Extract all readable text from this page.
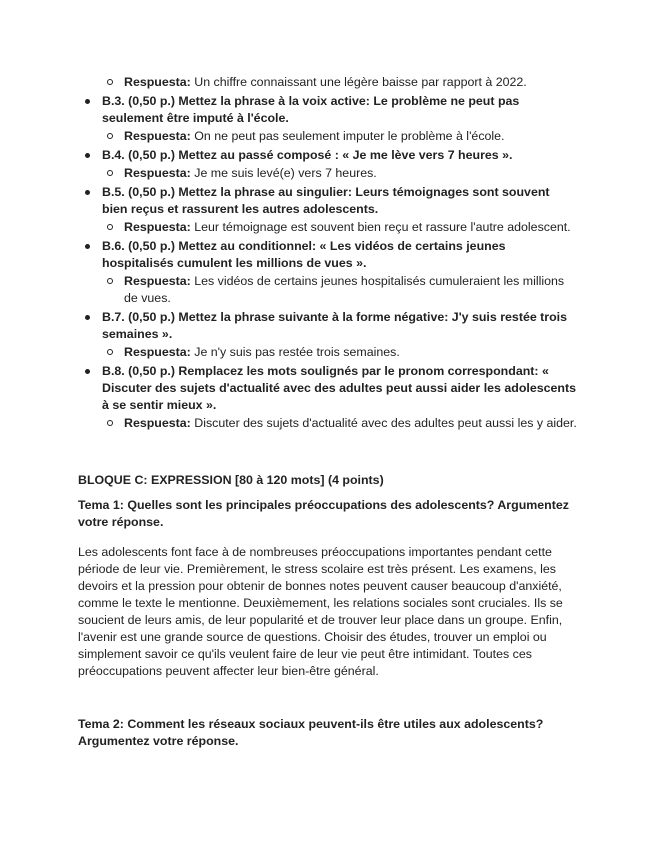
Respuesta: Un chiffre connaissant une légère baisse par rapport à 2022.
B.3. (0,50 p.) Mettez la phrase à la voix active: Le problème ne peut pas seulement être imputé à l'école.
Respuesta: On ne peut pas seulement imputer le problème à l'école.
B.4. (0,50 p.) Mettez au passé composé : « Je me lève vers 7 heures ».
Respuesta: Je me suis levé(e) vers 7 heures.
B.5. (0,50 p.) Mettez la phrase au singulier: Leurs témoignages sont souvent bien reçus et rassurent les autres adolescents.
Respuesta: Leur témoignage est souvent bien reçu et rassure l'autre adolescent.
B.6. (0,50 p.) Mettez au conditionnel: « Les vidéos de certains jeunes hospitalisés cumulent les millions de vues ».
Respuesta: Les vidéos de certains jeunes hospitalisés cumuleraient les millions de vues.
B.7. (0,50 p.) Mettez la phrase suivante à la forme négative: J'y suis restée trois semaines ».
Respuesta: Je n'y suis pas restée trois semaines.
B.8. (0,50 p.) Remplacez les mots soulignés par le pronom correspondant: « Discuter des sujets d'actualité avec des adultes peut aussi aider les adolescents à se sentir mieux ».
Respuesta: Discuter des sujets d'actualité avec des adultes peut aussi les y aider.

BLOQUE C: EXPRESSION [80 à 120 mots] (4 points)

Tema 1: Quelles sont les principales préoccupations des adolescents? Argumentez votre réponse.

Les adolescents font face à de nombreuses préoccupations importantes pendant cette période de leur vie. Premièrement, le stress scolaire est très présent. Les examens, les devoirs et la pression pour obtenir de bonnes notes peuvent causer beaucoup d'anxiété, comme le texte le mentionne. Deuxièmement, les relations sociales sont cruciales. Ils se soucient de leurs amis, de leur popularité et de trouver leur place dans un groupe. Enfin, l'avenir est une grande source de questions. Choisir des études, trouver un emploi ou simplement savoir ce qu'ils veulent faire de leur vie peut être intimidant. Toutes ces préoccupations peuvent affecter leur bien-être général.

Tema 2: Comment les réseaux sociaux peuvent-ils être utiles aux adolescents? Argumentez votre réponse.
